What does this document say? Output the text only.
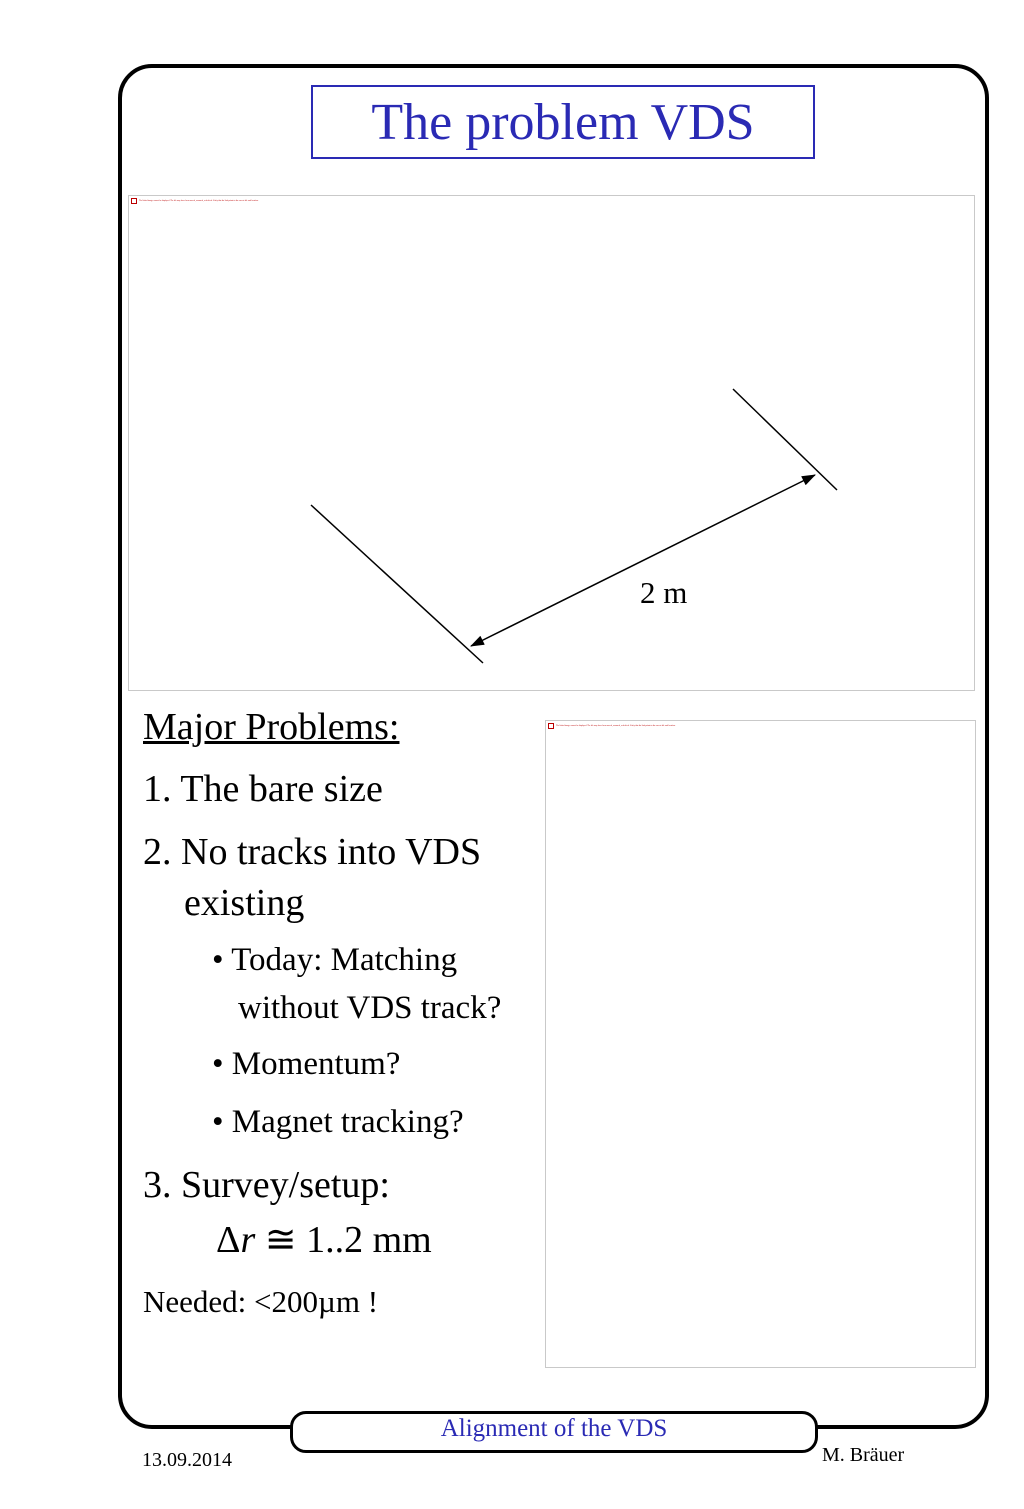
The problem VDS
The linked image cannot be displayed. The file may have been moved, renamed, or deleted. Verify that the link points to the correct file and location.
2 m
The linked image cannot be displayed. The file may have been moved, renamed, or deleted. Verify that the link points to the correct file and location.
Major Problems:
1. The bare size
2. No tracks into VDS
existing
• Today: Matching
without VDS track?
• Momentum?
• Magnet tracking?
3. Survey/setup:
Δr ≅ 1..2 mm
Needed: <200µm !
Alignment of the VDS
13.09.2014	M. Bräuer
